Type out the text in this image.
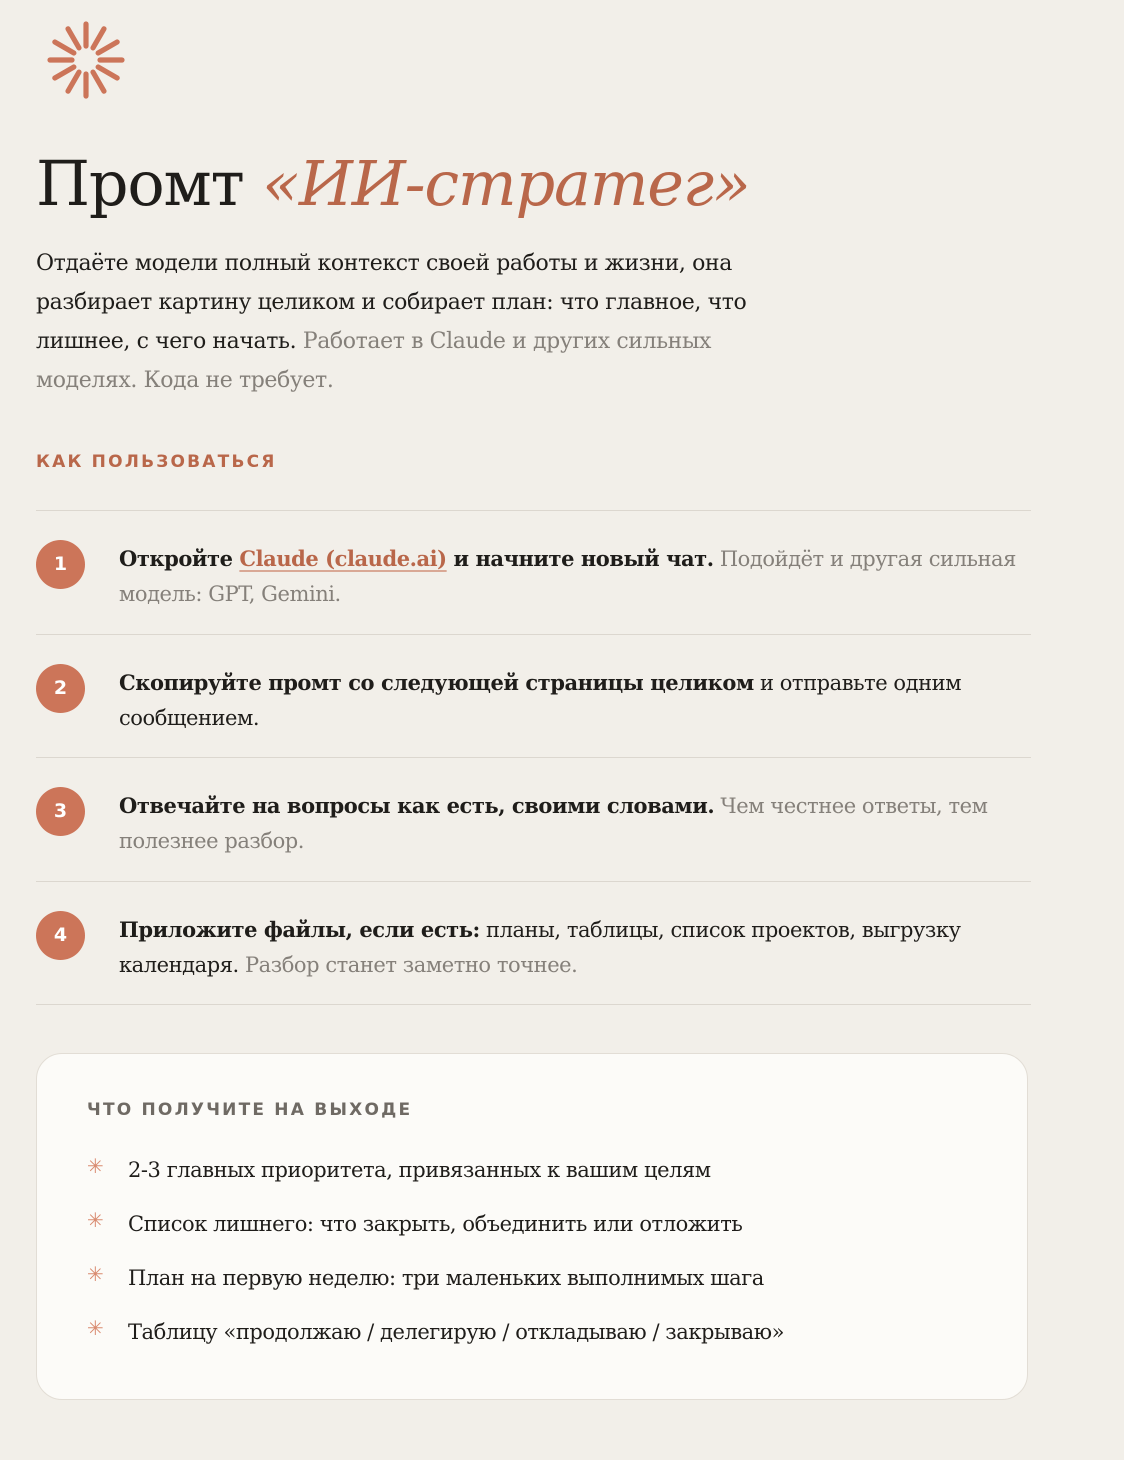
Промт «ИИ-стратег»

Отдаёте модели полный контекст своей работы и жизни, она разбирает картину целиком и собирает план: что главное, что лишнее, с чего начать. Работает в Claude и других сильных моделях. Кода не требует.

КАК ПОЛЬЗОВАТЬСЯ
1	Откройте Claude (claude.ai) и начните новый чат. Подойдёт и другая сильная модель: GPT, Gemini.

2	Скопируйте промт со следующей страницы целиком и отправьте одним сообщением.

3	Отвечайте на вопросы как есть, своими словами. Чем честнее ответы, тем полезнее разбор.

4	Приложите файлы, если есть: планы, таблицы, список проектов, выгрузку календаря. Разбор станет заметно точнее.

ЧТО ПОЛУЧИТЕ НА ВЫХОДЕ
✳ 2-3 главных приоритета, привязанных к вашим целям
✳ Список лишнего: что закрыть, объединить или отложить
✳ План на первую неделю: три маленьких выполнимых шага
✳ Таблицу «продолжаю / делегирую / откладываю / закрываю»
